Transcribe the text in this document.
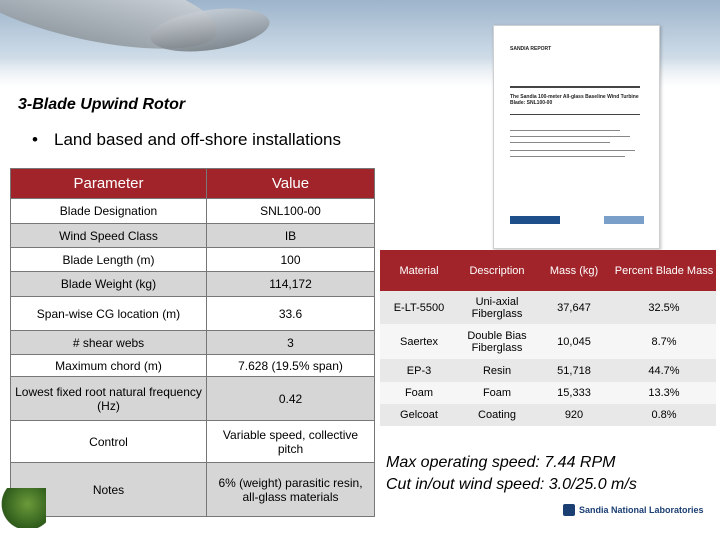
SANDIA REPORT
The Sandia 100-meter All-glass Baseline Wind Turbine Blade: SNL100-00
3-Blade Upwind Rotor
• Land based and off-shore installations
Parameter	Value
Blade Designation	SNL100-00
Wind Speed Class	IB
Blade Length (m)	100
Blade Weight (kg)	114,172
Span-wise CG location (m)	33.6
# shear webs	3
Maximum chord (m)	7.628 (19.5% span)
Lowest fixed root natural frequency (Hz)	0.42
Control	Variable speed, collective pitch
Notes	6% (weight) parasitic resin, all-glass materials
Material	Description	Mass (kg)	Percent Blade Mass
E-LT-5500	Uni-axial Fiberglass	37,647	32.5%
Saertex	Double Bias Fiberglass	10,045	8.7%
EP-3	Resin	51,718	44.7%
Foam	Foam	15,333	13.3%
Gelcoat	Coating	920	0.8%
Max operating speed: 7.44 RPM
Cut in/out wind speed: 3.0/25.0 m/s
Sandia National Laboratories
